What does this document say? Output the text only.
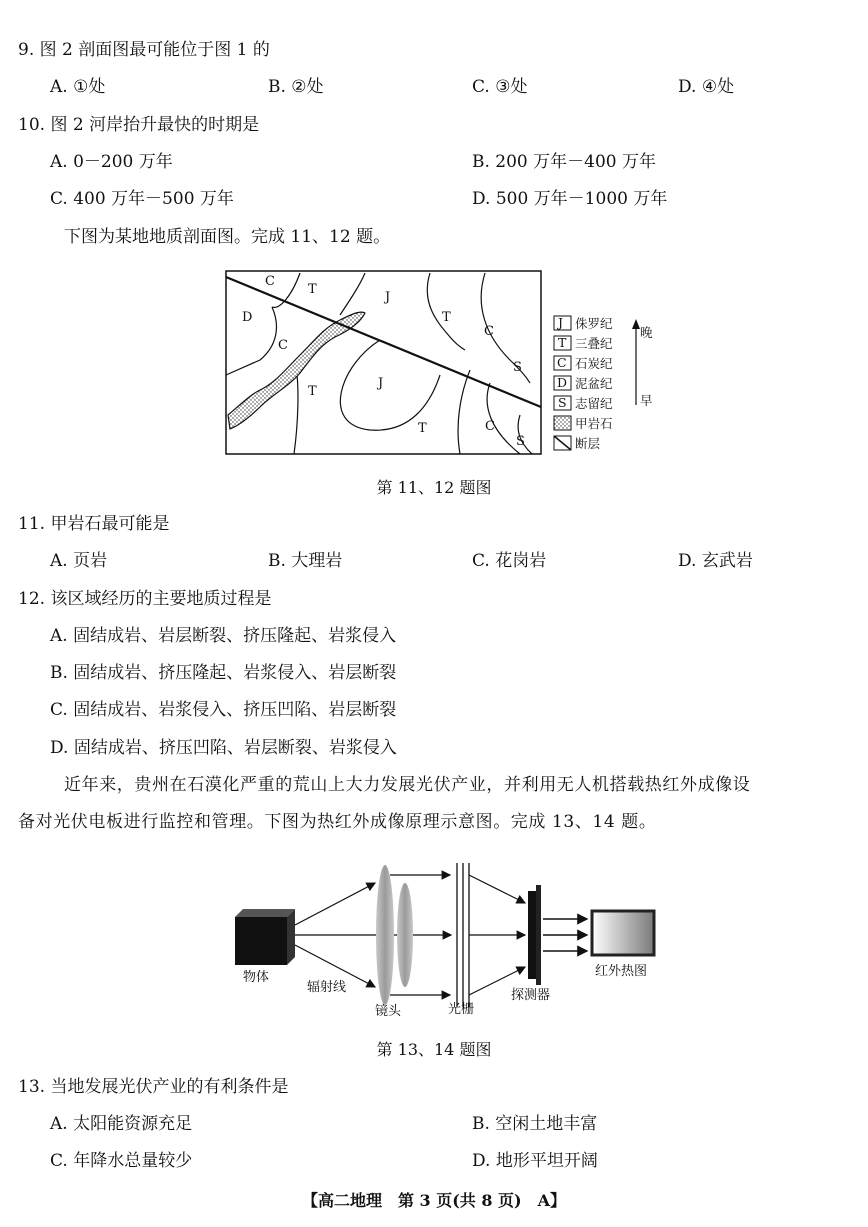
9. 图 2 剖面图最可能位于图 1 的
A. ①处	B. ②处	C. ③处	D. ④处
10. 图 2 河岸抬升最快的时期是
A. 0－200 万年	B. 200 万年－400 万年
C. 400 万年－500 万年	D. 500 万年－1000 万年
下图为某地地质剖面图。完成 11、12 题。
C
T
J
D
C
T
C
S
J
T
T	C
S
J 侏罗纪
T 三叠纪
C 石炭纪
D 泥盆纪
S 志留纪
甲岩石
断层
晚
早
第 11、12 题图
11. 甲岩石最可能是
A. 页岩	B. 大理岩	C. 花岗岩	D. 玄武岩
12. 该区域经历的主要地质过程是
A. 固结成岩、岩层断裂、挤压隆起、岩浆侵入
B. 固结成岩、挤压隆起、岩浆侵入、岩层断裂
C. 固结成岩、岩浆侵入、挤压凹陷、岩层断裂
D. 固结成岩、挤压凹陷、岩层断裂、岩浆侵入
近年来，贵州在石漠化严重的荒山上大力发展光伏产业，并利用无人机搭载热红外成像设
备对光伏电板进行监控和管理。下图为热红外成像原理示意图。完成 13、14 题。
物体
辐射线
镜头	光栅
探测器
红外热图
第 13、14 题图
13. 当地发展光伏产业的有利条件是
A. 太阳能资源充足	B. 空闲土地丰富
C. 年降水总量较少	D. 地形平坦开阔
【高二地理　第 3 页(共 8 页)　A】
